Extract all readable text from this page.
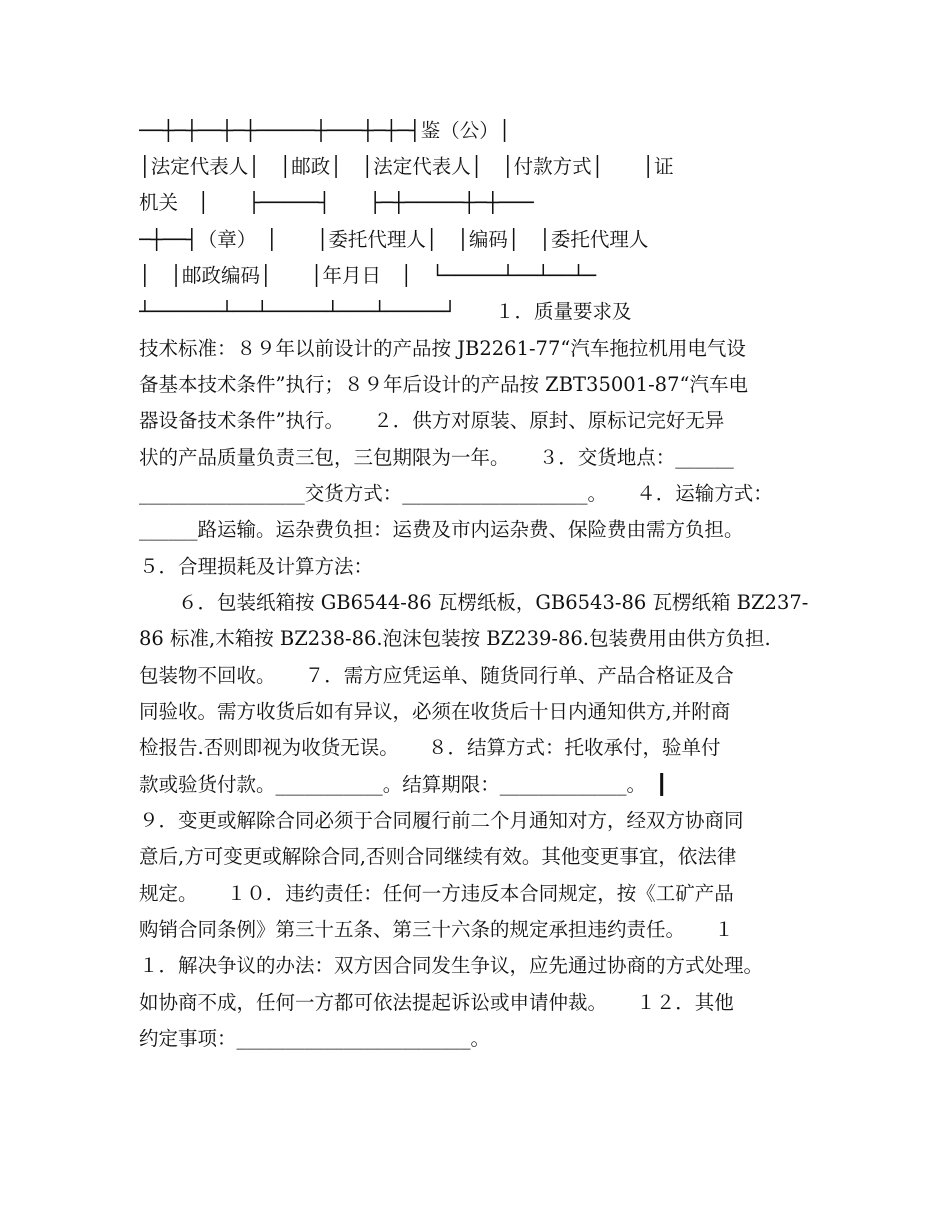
──┼─┼──┼─┼─────┼───┼─┼─┤鉴（公）│
│法定代表人│　│邮政│　│法定代表人│　│付款方式│　　│证
机关　│　　├─────┤　　├─┼─────┼─┼───
─┼──┤（章）　│　　│委托代理人│　│编码│　│委托代理人
│　│邮政编码│　　│年月日　│　└─────┴──┴──┴─
┴──────┴──┴─────┴───┴─────┘　　１．质量要求及
技术标准：８９年以前设计的产品按 JB2261-77“汽车拖拉机用电气设
备基本技术条件”执行；８９年后设计的产品按 ZBT35001-87“汽车电
器设备技术条件”执行。　　２．供方对原装、原封、原标记完好无异
状的产品质量负责三包，三包期限为一年。　　３．交货地点：______
_________________交货方式：___________________。　　４．运输方式：
______路运输。运杂费负担：运费及市内运杂费、保险费由需方负担。
５．合理损耗及计算方法：
　　６．包装纸箱按 GB6544-86 瓦楞纸板，GB6543-86 瓦楞纸箱 BZ237-
86 标准,木箱按 BZ238-86.泡沫包装按 BZ239-86.包装费用由供方负担.
包装物不回收。　　７．需方应凭运单、随货同行单、产品合格证及合
同验收。需方收货后如有异议，必须在收货后十日内通知供方,并附商
检报告.否则即视为收货无误。　　８．结算方式：托收承付，验单付
款或验货付款。___________。结算期限：_____________。　┃
９．变更或解除合同必须于合同履行前二个月通知对方，经双方协商同
意后,方可变更或解除合同,否则合同继续有效。其他变更事宜，依法律
规定。　　１０．违约责任：任何一方违反本合同规定，按《工矿产品
购销合同条例》第三十五条、第三十六条的规定承担违约责任。　　１
１．解决争议的办法：双方因合同发生争议，应先通过协商的方式处理。
如协商不成，任何一方都可依法提起诉讼或申请仲裁。　　１２．其他
约定事项：________________________。
